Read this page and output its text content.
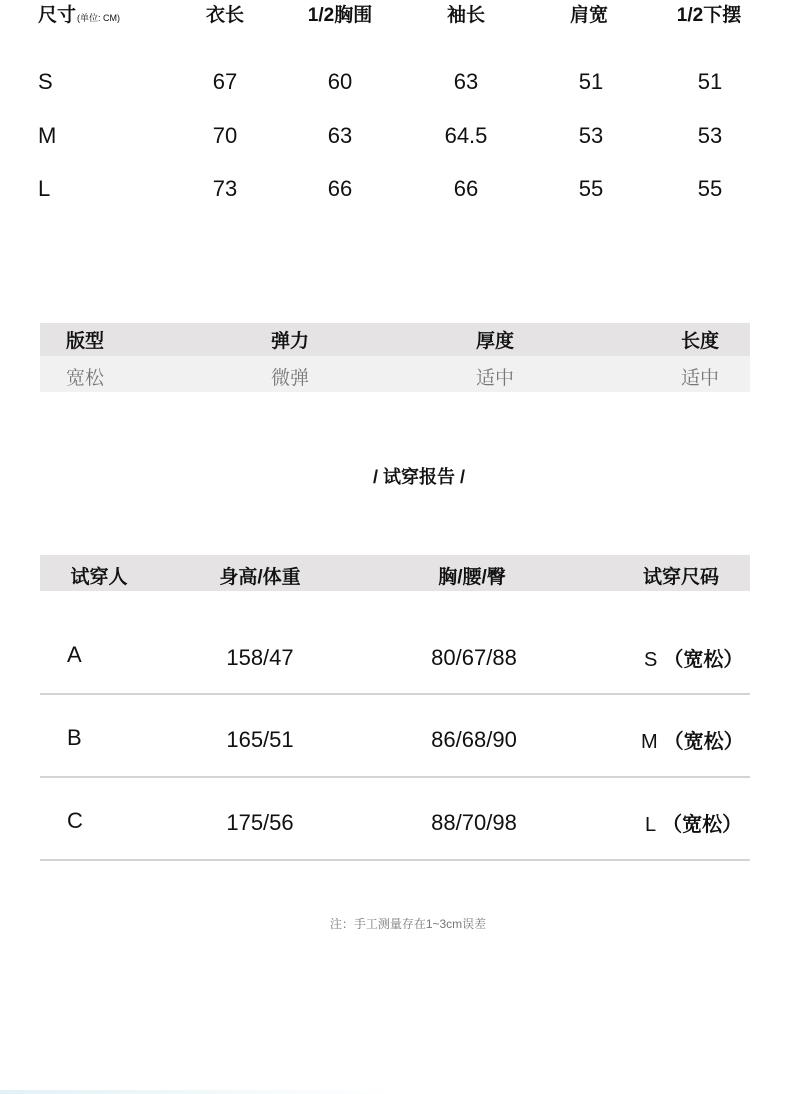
尺寸(单位: CM)	衣长	1/2胸围	袖长	肩宽	1/2下摆
S	67	60	63	51	51
M	70	63	64.5	53	53
L	73	66	66	55	55
版型	弹力	厚度	长度
宽松	微弹	适中	适中
/ 试穿报告 /
试穿人	身高/体重	胸/腰/臀	试穿尺码
A	158/47	80/67/88	S （宽松）
B	165/51	86/68/90	M （宽松）
C	175/56	88/70/98	L （宽松）
注：手工测量存在1~3cm误差
